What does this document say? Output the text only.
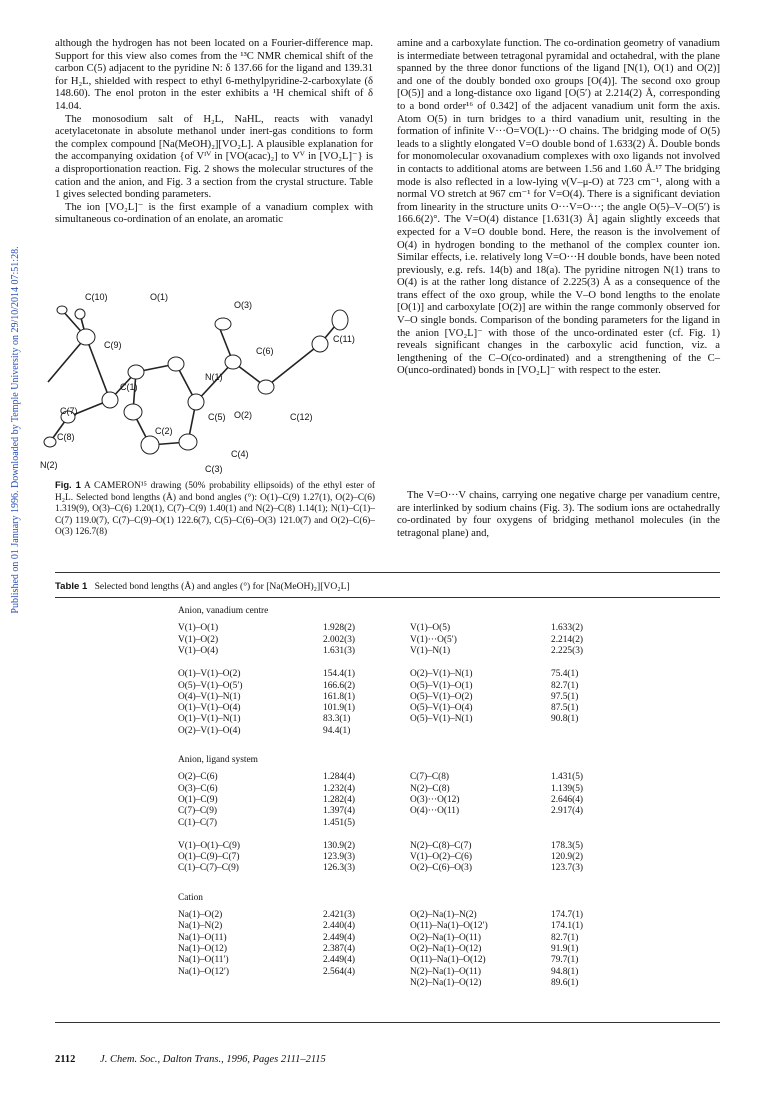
Published on 01 January 1996. Downloaded by Temple University on 29/10/2014 07:51:28.

although the hydrogen has not been located on a Fourier-difference map. Support for this view also comes from the ¹³C NMR chemical shift of the carbon C(5) adjacent to the pyridine N: δ 137.66 for the ligand and 139.31 for H₂L, shielded with respect to ethyl 6-methylpyridine-2-carboxylate (δ 148.60). The enol proton in the ester exhibits a ¹H chemical shift of δ 14.04.

The monosodium salt of H₂L, NaHL, reacts with vanadyl acetylacetonate in absolute methanol under inert-gas conditions to form the complex compound [Na(MeOH)₂][VO₂L]. A plausible explanation for the accompanying oxidation {of Vᴵⱽ in [VO(acac)₂] to Vⱽ in [VO₂L]⁻} is a disproportionation reaction. Fig. 2 shows the molecular structures of the cation and the anion, and Fig. 3 a section from the crystal structure. Table 1 gives selected bonding parameters.

The ion [VO₂L]⁻ is the first example of a vanadium complex with simultaneous co-ordination of an enolate, an aromatic

amine and a carboxylate function. The co-ordination geometry of vanadium is intermediate between tetragonal pyramidal and octahedral, with the plane spanned by the three donor functions of the ligand [N(1), O(1) and O(2)] and one of the doubly bonded oxo groups [O(4)]. The second oxo group [O(5)] and a long-distance oxo ligand [O(5′) at 2.214(2) Å, corresponding to a bond order¹⁶ of 0.342] of the adjacent vanadium unit form the axis. Atom O(5) in turn bridges to a third vanadium unit, resulting in the formation of infinite V···O=VO(L)···O chains. The bridging mode of O(5) leads to a slightly elongated V=O double bond of 1.633(2) Å. Double bonds for monomolecular oxovanadium complexes with oxo ligands not involved in contacts to additional atoms are between 1.56 and 1.60 Å.¹⁷ The bridging mode is also reflected in a low-lying ν(V–μ-O) at 723 cm⁻¹, along with a normal VO stretch at 967 cm⁻¹ for V=O(4). There is a significant deviation from linearity in the structure units O···V=O···; the angle O(5)–V–O(5′) is 166.6(2)°. The V=O(4) distance [1.631(3) Å] again slightly exceeds that expected for a V=O double bond. Here, the reason is the involvement of O(4) in hydrogen bonding to the methanol of the complex counter ion. Similar effects, i.e. relatively long V=O···H double bonds, have been noted previously, e.g. refs. 14(b) and 18(a). The pyridine nitrogen N(1) trans to O(4) is at the rather long distance of 2.225(3) Å as a consequence of the trans effect of the oxo group, while the V–O bond lengths to the enolate [O(1)] and carboxylate [O(2)] are within the range commonly observed for V–O single bonds. Comparison of the bonding parameters for the ligand in the anion [VO₂L]⁻ with those of the unco-ordinated ester (cf. Fig. 1) reveals significant changes in the carboxylic acid function, viz. a lengthening of the C–O(co-ordinated) and a strengthening of the C–O(unco-ordinated) bonds in [VO₂L]⁻ with respect to the ester.

C(10)	O(1)
O(3)
C(11)
C(9)
C(6)
N(1)
C(1)
C(7)
C(5) O(2)	C(12)
C(8)
N(2)
C(4)
C(2)
C(3)
Fig. 1 A CAMERON¹⁵ drawing (50% probability ellipsoids) of the ethyl ester of H₂L. Selected bond lengths (Å) and bond angles (°): O(1)–C(9) 1.27(1), O(2)–C(6) 1.319(9), O(3)–C(6) 1.20(1), C(7)–C(9) 1.40(1) and N(2)–C(8) 1.14(1); N(1)–C(1)–C(7) 119.0(7), C(7)–C(9)–O(1) 122.6(7), C(5)–C(6)–O(3) 121.0(7) and O(2)–C(6)–O(3) 126.7(8)

The V=O···V chains, carrying one negative charge per vanadium centre, are interlinked by sodium chains (Fig. 3). The sodium ions are octahedrally co-ordinated by four oxygens of bridging methanol molecules (in the tetragonal plane) and,

Table 1 Selected bond lengths (Å) and angles (°) for [Na(MeOH)₂][VO₂L]
Anion, vanadium centre
V(1)–O(1)	1.928(2)	V(1)–O(5)	1.633(2)
V(1)–O(2)	2.002(3)	V(1)···O(5′)	2.214(2)
V(1)–O(4)	1.631(3)	V(1)–N(1)	2.225(3)
O(1)–V(1)–O(2)	154.4(1)	O(2)–V(1)–N(1)	75.4(1)
O(5)–V(1)–O(5′)	166.6(2)	O(5)–V(1)–O(1)	82.7(1)
O(4)–V(1)–N(1)	161.8(1)	O(5)–V(1)–O(2)	97.5(1)
O(1)–V(1)–O(4)	101.9(1)	O(5)–V(1)–O(4)	87.5(1)
O(1)–V(1)–N(1)	83.3(1)	O(5)–V(1)–N(1)	90.8(1)
O(2)–V(1)–O(4)	94.4(1)
Anion, ligand system
O(2)–C(6)	1.284(4)	C(7)–C(8)	1.431(5)
O(3)–C(6)	1.232(4)	N(2)–C(8)	1.139(5)
O(1)–C(9)	1.282(4)	O(3)···O(12)	2.646(4)
C(7)–C(9)	1.397(4)	O(4)···O(11)	2.917(4)
C(1)–C(7)	1.451(5)
V(1)–O(1)–C(9)	130.9(2)	N(2)–C(8)–C(7)	178.3(5)
O(1)–C(9)–C(7)	123.9(3)	V(1)–O(2)–C(6)	120.9(2)
C(1)–C(7)–C(9)	126.3(3)	O(2)–C(6)–O(3)	123.7(3)
Cation
Na(1)–O(2)	2.421(3)	O(2)–Na(1)–N(2)	174.7(1)
Na(1)–N(2)	2.440(4)	O(11)–Na(1)–O(12′)	174.1(1)
Na(1)–O(11)	2.449(4)	O(2)–Na(1)–O(11)	82.7(1)
Na(1)–O(12)	2.387(4)	O(2)–Na(1)–O(12)	91.9(1)
Na(1)–O(11′)	2.449(4)	O(11)–Na(1)–O(12)	79.7(1)
Na(1)–O(12′)	2.564(4)	N(2)–Na(1)–O(11)	94.8(1)
N(2)–Na(1)–O(12)	89.6(1)
2112 J. Chem. Soc., Dalton Trans., 1996, Pages 2111–2115
